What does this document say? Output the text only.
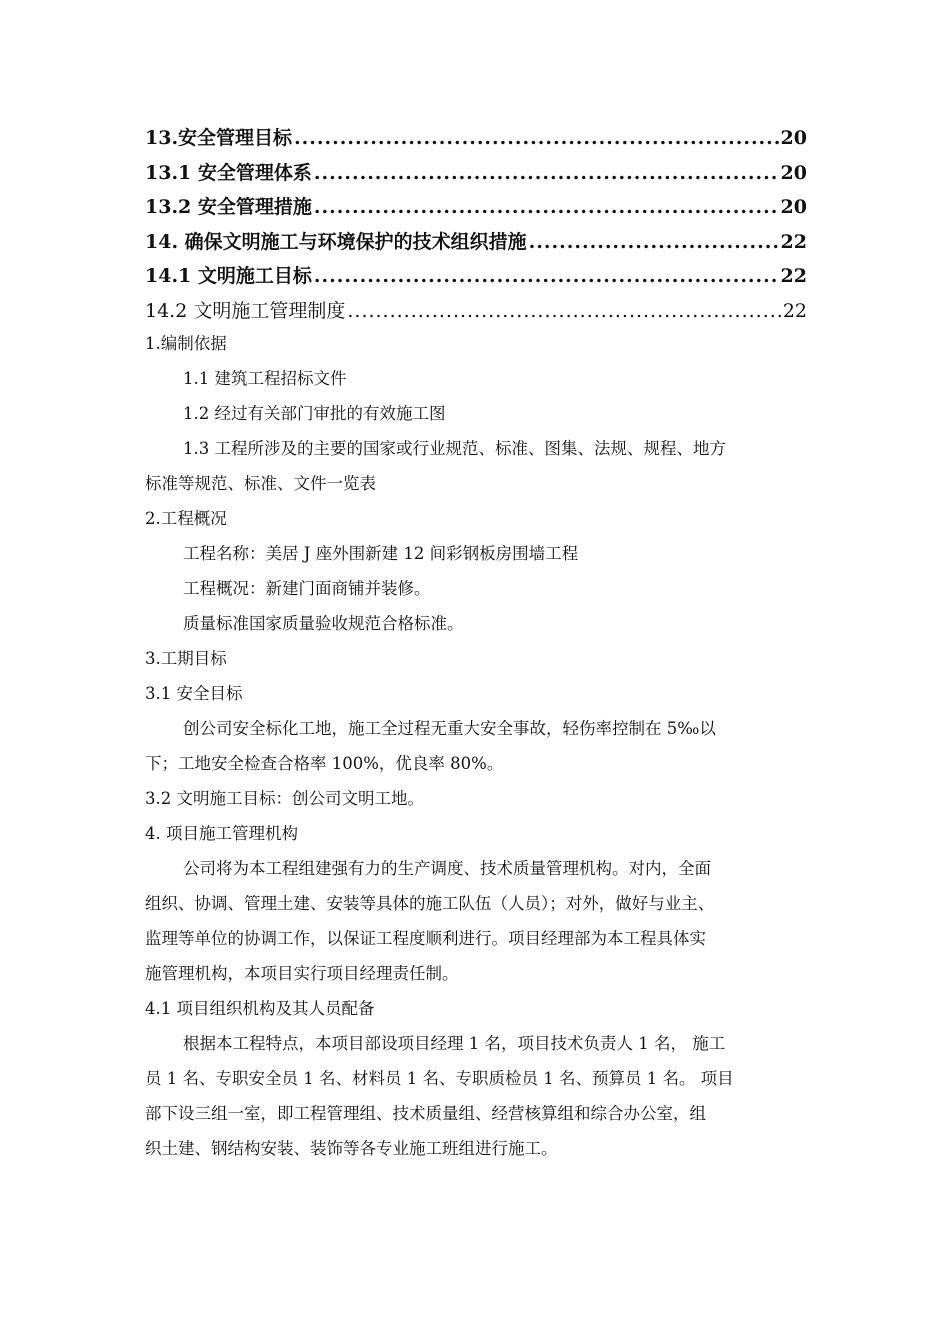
13.安全管理目标 .....	20
13.1 安全管理体系 .....	20
13.2 安全管理措施 .....	20
14. 确保文明施工与环境保护的技术组织措施 .....	22
14.1 文明施工目标 .....	22
14.2 文明施工管理制度 .....	22
1.编制依据
1.1 建筑工程招标文件
1.2 经过有关部门审批的有效施工图
1.3 工程所涉及的主要的国家或行业规范、标准、图集、法规、规程、地方
标准等规范、标准、文件一览表
2.工程概况
工程名称：美居 J 座外围新建 12 间彩钢板房围墙工程
工程概况：新建门面商铺并装修。
质量标准国家质量验收规范合格标准。
3.工期目标
3.1 安全目标
创公司安全标化工地，施工全过程无重大安全事故，轻伤率控制在 5‰以
下；工地安全检查合格率 100%，优良率 80%。
3.2 文明施工目标：创公司文明工地。
4. 项目施工管理机构
公司将为本工程组建强有力的生产调度、技术质量管理机构。对内，全面
组织、协调、管理土建、安装等具体的施工队伍（人员）；对外，做好与业主、
监理等单位的协调工作，以保证工程度顺利进行。项目经理部为本工程具体实
施管理机构，本项目实行项目经理责任制。
4.1 项目组织机构及其人员配备
根据本工程特点，本项目部设项目经理 1 名，项目技术负责人 1 名， 施工
员 1 名、专职安全员 1 名、材料员 1 名、专职质检员 1 名、预算员 1 名。 项目
部下设三组一室，即工程管理组、技术质量组、经营核算组和综合办公室，组
织土建、钢结构安装、装饰等各专业施工班组进行施工。
